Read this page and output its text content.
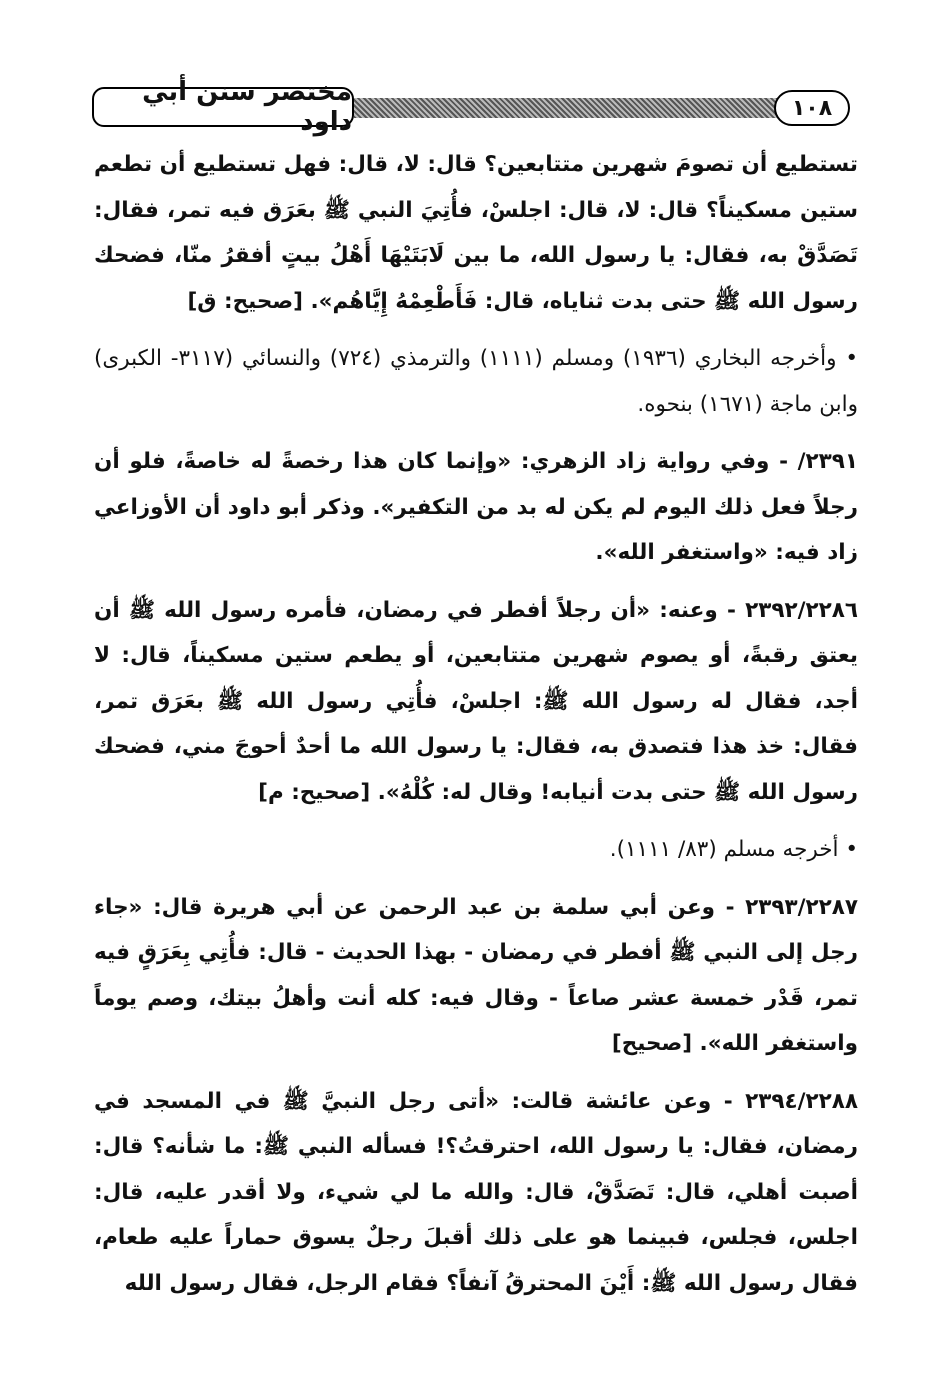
مختصر سنن أبي داود	١٠٨

تستطيع أن تصومَ شهرين متتابعين؟ قال: لا، قال: فهل تستطيع أن تطعم ستين مسكيناً؟ قال: لا، قال: اجلسْ، فأُتِيَ النبي ﷺ بعَرَق فيه تمر، فقال: تَصَدَّقْ به، فقال: يا رسول الله، ما بين لَابَتَيْهَا أَهْلُ بيتٍ أفقرُ منّا، فضحك رسول الله ﷺ حتى بدت ثناياه، قال: فَأَطْعِمْهُ إِيَّاهُم». [صحيح: ق]

• وأخرجه البخاري (١٩٣٦) ومسلم (١١١١) والترمذي (٧٢٤) والنسائي (٣١١٧- الكبرى) وابن ماجة (١٦٧١) بنحوه.

٢٣٩١/ - وفي رواية زاد الزهري: «وإنما كان هذا رخصةً له خاصةً، فلو أن رجلاً فعل ذلك اليوم لم يكن له بد من التكفير». وذكر أبو داود أن الأوزاعي زاد فيه: «واستغفر الله».

٢٣٩٢/٢٢٨٦ - وعنه: «أن رجلاً أفطر في رمضان، فأمره رسول الله ﷺ أن يعتق رقبةً، أو يصوم شهرين متتابعين، أو يطعم ستين مسكيناً، قال: لا أجد، فقال له رسول الله ﷺ: اجلسْ، فأُتِي رسول الله ﷺ بعَرَق تمر، فقال: خذ هذا فتصدق به، فقال: يا رسول الله ما أحدٌ أحوجَ مني، فضحك رسول الله ﷺ حتى بدت أنيابه! وقال له: كُلْهُ». [صحيح: م]

• أخرجه مسلم (٨٣/ ١١١١).

٢٣٩٣/٢٢٨٧ - وعن أبي سلمة بن عبد الرحمن عن أبي هريرة قال: «جاء رجل إلى النبي ﷺ أفطر في رمضان - بهذا الحديث - قال: فأُتِي بِعَرَقٍ فيه تمر، قَدْر خمسة عشر صاعاً - وقال فيه: كله أنت وأهلُ بيتك، وصم يوماً واستغفر الله». [صحيح]

٢٣٩٤/٢٢٨٨ - وعن عائشة قالت: «أتى رجل النبيَّ ﷺ في المسجد في رمضان، فقال: يا رسول الله، احترقتُ؟! فسأله النبي ﷺ: ما شأنه؟ قال: أصبت أهلي، قال: تَصَدَّقْ، قال: والله ما لي شيء، ولا أقدر عليه، قال: اجلس، فجلس، فبينما هو على ذلك أقبلَ رجلٌ يسوق حماراً عليه طعام، فقال رسول الله ﷺ: أَيْنَ المحترقُ آنفاً؟ فقام الرجل، فقال رسول الله
